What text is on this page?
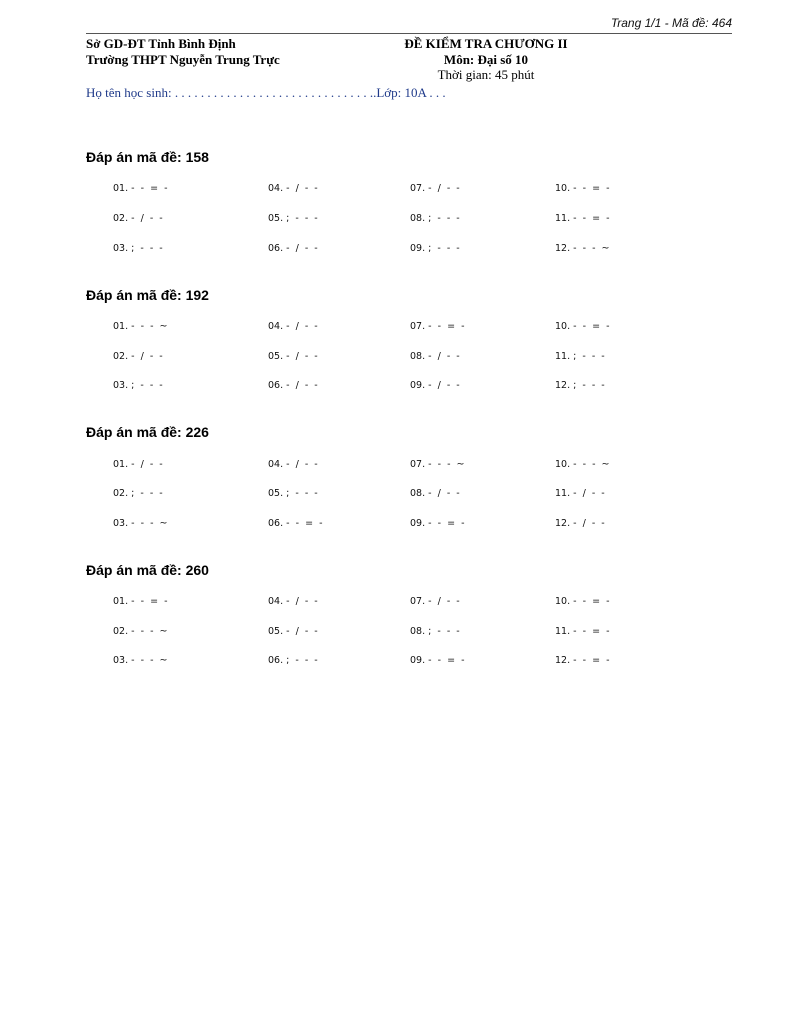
Trang 1/1 - Mã đề: 464
Sở GD-ĐT Tỉnh Bình Định
Trường THPT Nguyễn Trung Trực
ĐỀ KIỂM TRA CHƯƠNG II
Môn: Đại số 10
Thời gian: 45 phút
Họ tên học sinh: . . . . . . . . . . . . . . . . . . . . . . . . . . . . . . ..Lớp: 10A . . .
Đáp án mã đề: 158
01. -  -  =  -	04. -  /  -  -	07. -  /  -  -	10. -  -  =  -
02. -  /  -  -	05. ;  -  -  -	08. ;  -  -  -	11. -  -  =  -
03. ;  -  -  -	06. -  /  -  -	09. ;  -  -  -	12. -  -  -  ~
Đáp án mã đề: 192
01. -  -  -  ~	04. -  /  -  -	07. -  -  =  -	10. -  -  =  -
02. -  /  -  -	05. -  /  -  -	08. -  /  -  -	11. ;  -  -  -
03. ;  -  -  -	06. -  /  -  -	09. -  /  -  -	12. ;  -  -  -
Đáp án mã đề: 226
01. -  /  -  -	04. -  /  -  -	07. -  -  -  ~	10. -  -  -  ~
02. ;  -  -  -	05. ;  -  -  -	08. -  /  -  -	11. -  /  -  -
03. -  -  -  ~	06. -  -  =  -	09. -  -  =  -	12. -  /  -  -
Đáp án mã đề: 260
01. -  -  =  -	04. -  /  -  -	07. -  /  -  -	10. -  -  =  -
02. -  -  -  ~	05. -  /  -  -	08. ;  -  -  -	11. -  -  =  -
03. -  -  -  ~	06. ;  -  -  -	09. -  -  =  -	12. -  -  =  -
